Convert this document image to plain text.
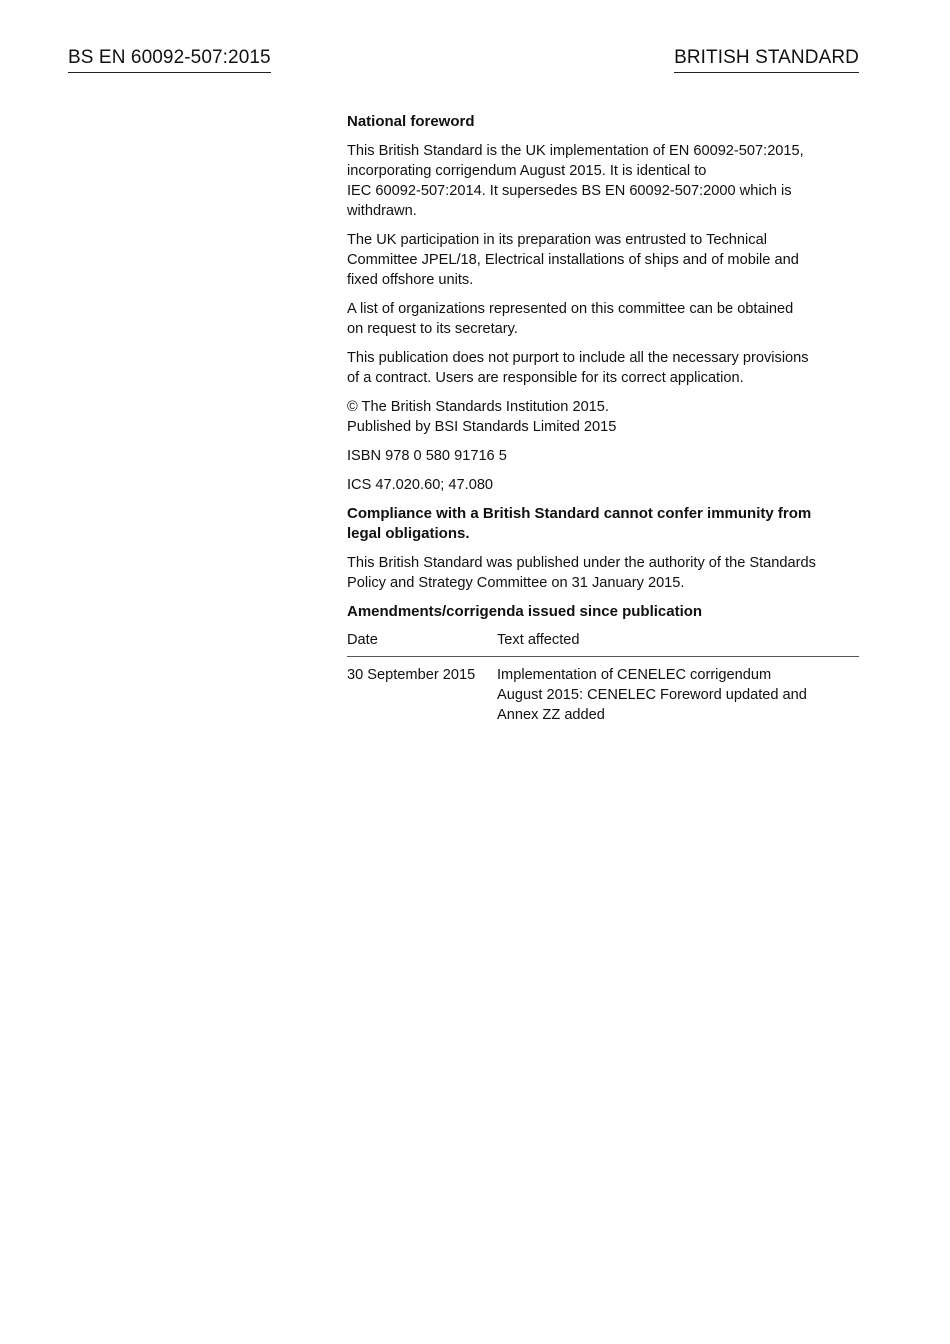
BS EN 60092-507:2015	BRITISH STANDARD
National foreword

This British Standard is the UK implementation of EN 60092-507:2015,
incorporating corrigendum August 2015. It is identical to
IEC 60092-507:2014. It supersedes BS EN 60092-507:2000 which is
withdrawn.

The UK participation in its preparation was entrusted to Technical
Committee JPEL/18, Electrical installations of ships and of mobile and
fixed offshore units.

A list of organizations represented on this committee can be obtained
on request to its secretary.

This publication does not purport to include all the necessary provisions
of a contract. Users are responsible for its correct application.

© The British Standards Institution 2015.
Published by BSI Standards Limited 2015

ISBN 978 0 580 91716 5

ICS 47.020.60; 47.080

Compliance with a British Standard cannot confer immunity from
legal obligations.

This British Standard was published under the authority of the Standards
Policy and Strategy Committee on 31 January 2015.

Amendments/corrigenda issued since publication
Date	Text affected
30 September 2015	Implementation of CENELEC corrigendum
August 2015: CENELEC Foreword updated and
Annex ZZ added
